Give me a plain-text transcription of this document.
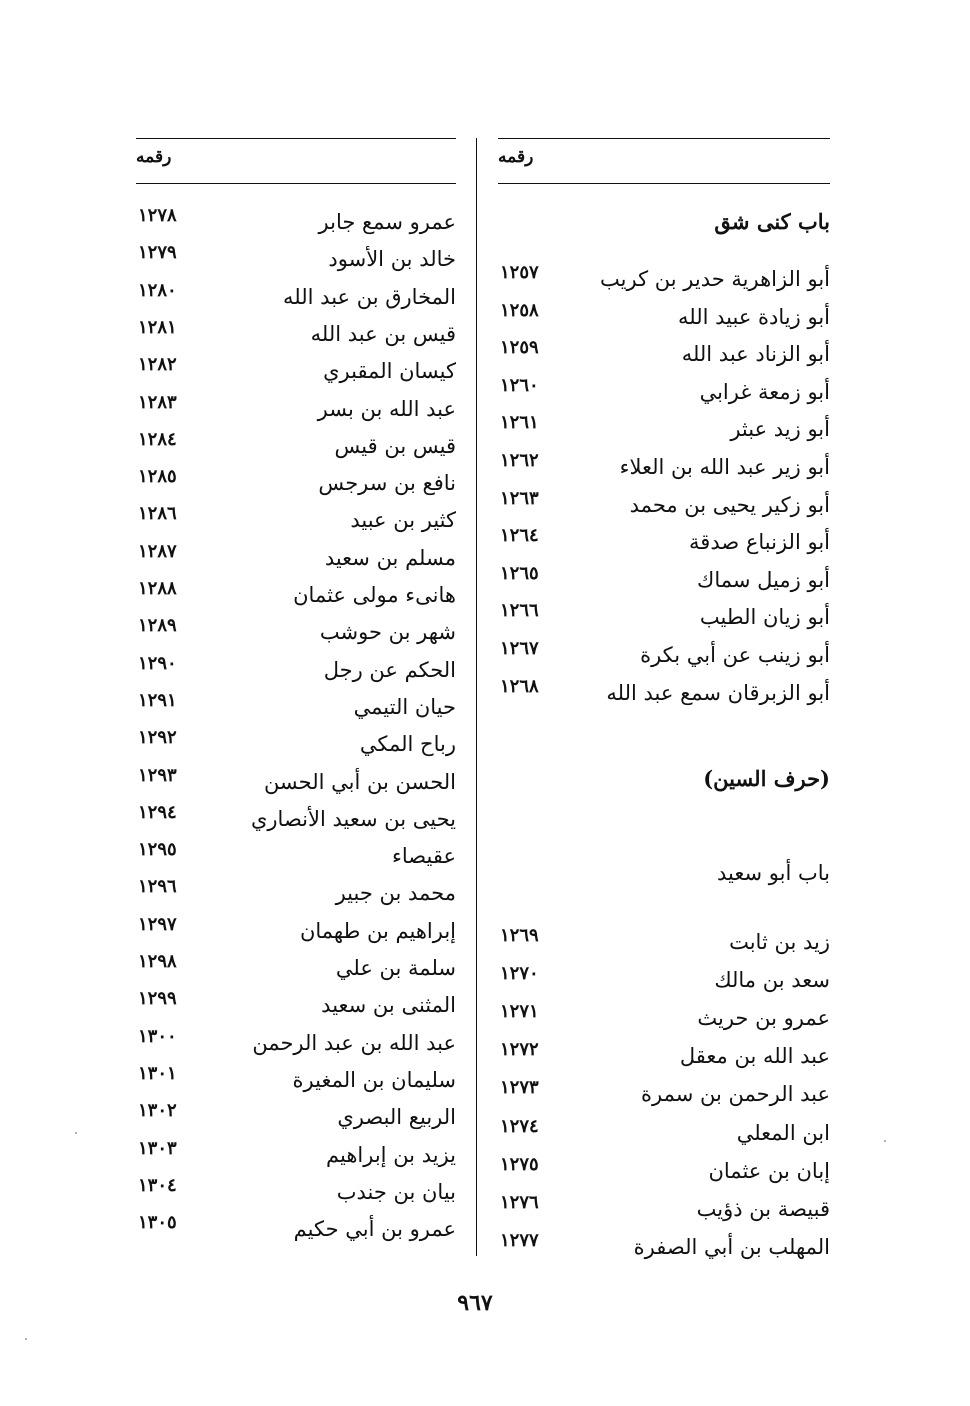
رقمه
باب كنى شق
أبو الزاهرية حدير بن كريب
١٢٥٧
أبو زيادة عبيد الله
١٢٥٨
أبو الزناد عبد الله
١٢٥٩
أبو زمعة غرابي
١٢٦٠
أبو زيد عبثر
١٢٦١
أبو زير عبد الله بن العلاء
١٢٦٢
أبو زكير يحيى بن محمد
١٢٦٣
أبو الزنباع صدقة
١٢٦٤
أبو زميل سماك
١٢٦٥
أبو زيان الطيب
١٢٦٦
أبو زينب عن أبي بكرة
١٢٦٧
أبو الزبرقان سمع عبد الله
١٢٦٨
(حرف السين)
باب أبو سعيد
زيد بن ثابت
١٢٦٩
سعد بن مالك
١٢٧٠
عمرو بن حريث
١٢٧١
عبد الله بن معقل
١٢٧٢
عبد الرحمن بن سمرة
١٢٧٣
ابن المعلي
١٢٧٤
إبان بن عثمان
١٢٧٥
قبيصة بن ذؤيب
١٢٧٦
المهلب بن أبي الصفرة
١٢٧٧
رقمه
عمرو سمع جابر
١٢٧٨
خالد بن الأسود
١٢٧٩
المخارق بن عبد الله
١٢٨٠
قيس بن عبد الله
١٢٨١
كيسان المقبري
١٢٨٢
عبد الله بن بسر
١٢٨٣
قيس بن قيس
١٢٨٤
نافع بن سرجس
١٢٨٥
كثير بن عبيد
١٢٨٦
مسلم بن سعيد
١٢٨٧
هانىء مولى عثمان
١٢٨٨
شهر بن حوشب
١٢٨٩
الحكم عن رجل
١٢٩٠
حيان التيمي
١٢٩١
رباح المكي
١٢٩٢
الحسن بن أبي الحسن
١٢٩٣
يحيى بن سعيد الأنصاري
١٢٩٤
عقيصاء
١٢٩٥
محمد بن جبير
١٢٩٦
إبراهيم بن طهمان
١٢٩٧
سلمة بن علي
١٢٩٨
المثنى بن سعيد
١٢٩٩
عبد الله بن عبد الرحمن
١٣٠٠
سليمان بن المغيرة
١٣٠١
الربيع البصري
١٣٠٢
يزيد بن إبراهيم
١٣٠٣
بيان بن جندب
١٣٠٤
عمرو بن أبي حكيم
١٣٠٥
٩٦٧
